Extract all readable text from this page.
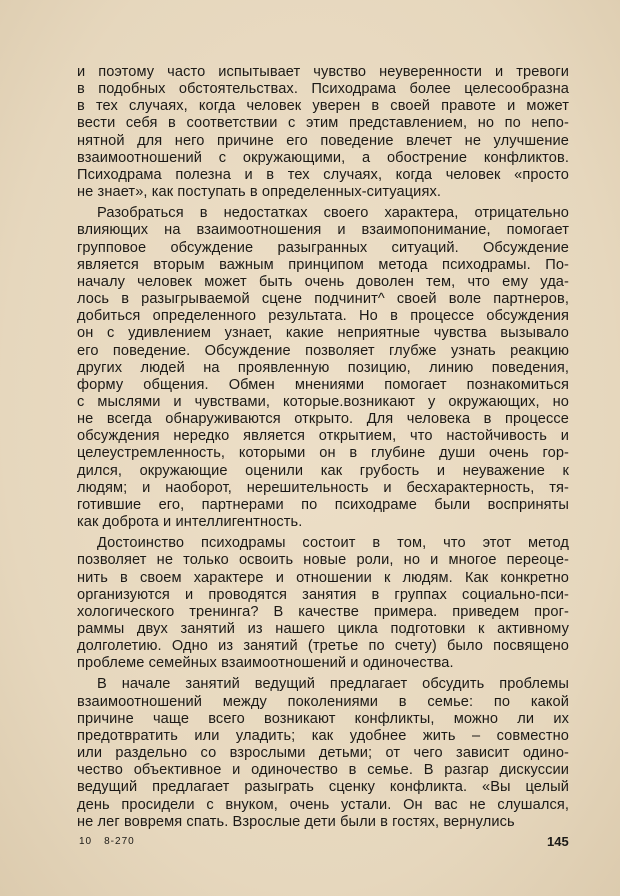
и поэтому часто испытывает чувство неуверенности и тревоги
в подобных обстоятельствах. Психодрама более целесообразна
в тех случаях, когда человек уверен в своей правоте и может
вести себя в соответствии с этим представлением, но по непо-
нятной для него причине его поведение влечет не улучшение
взаимоотношений с окружающими, а обострение конфликтов.
Психодрама полезна и в тех случаях, когда человек «просто
не знает», как поступать в определенных-ситуациях.
Разобраться в недостатках своего характера, отрицательно
влияющих на взаимоотношения и взаимопонимание, помогает
групповое обсуждение разыгранных ситуаций. Обсуждение
является вторым важным принципом метода психодрамы. По-
началу человек может быть очень доволен тем, что ему уда-
лось в разыгрываемой сцене подчинит^ своей воле партнеров,
добиться определенного результата. Но в процессе обсуждения
он с удивлением узнает, какие неприятные чувства вызывало
его поведение. Обсуждение позволяет глубже узнать реакцию
других людей на проявленную позицию, линию поведения,
форму общения. Обмен мнениями помогает познакомиться
с мыслями и чувствами, которые.возникают у окружающих, но
не всегда обнаруживаются открыто. Для человека в процессе
обсуждения нередко является открытием, что настойчивость и
целеустремленность, которыми он в глубине души очень гор-
дился, окружающие оценили как грубость и неуважение к
людям; и наоборот, нерешительность и бесхарактерность, тя-
готившие его, партнерами по психодраме были восприняты
как доброта и интеллигентность.
Достоинство психодрамы состоит в том, что этот метод
позволяет не только освоить новые роли, но и многое переоце-
нить в своем характере и отношении к людям. Как конкретно
организуются и проводятся занятия в группах социально-пси-
хологического тренинга? В качестве примера. приведем прог-
раммы двух занятий из нашего цикла подготовки к активному
долголетию. Одно из занятий (третье по счету) было посвящено
проблеме семейных взаимоотношений и одиночества.
В начале занятий ведущий предлагает обсудить проблемы
взаимоотношений между поколениями в семье: по какой
причине чаще всего возникают конфликты, можно ли их
предотвратить или уладить; как удобнее жить – совместно
или раздельно со взрослыми детьми; от чего зависит одино-
чество объективное и одиночество в семье. В разгар дискуссии
ведущий предлагает разыграть сценку конфликта. «Вы целый
день просидели с внуком, очень устали. Он вас не слушался,
не лег вовремя спать. Взрослые дети были в гостях, вернулись
10 8-270	145
